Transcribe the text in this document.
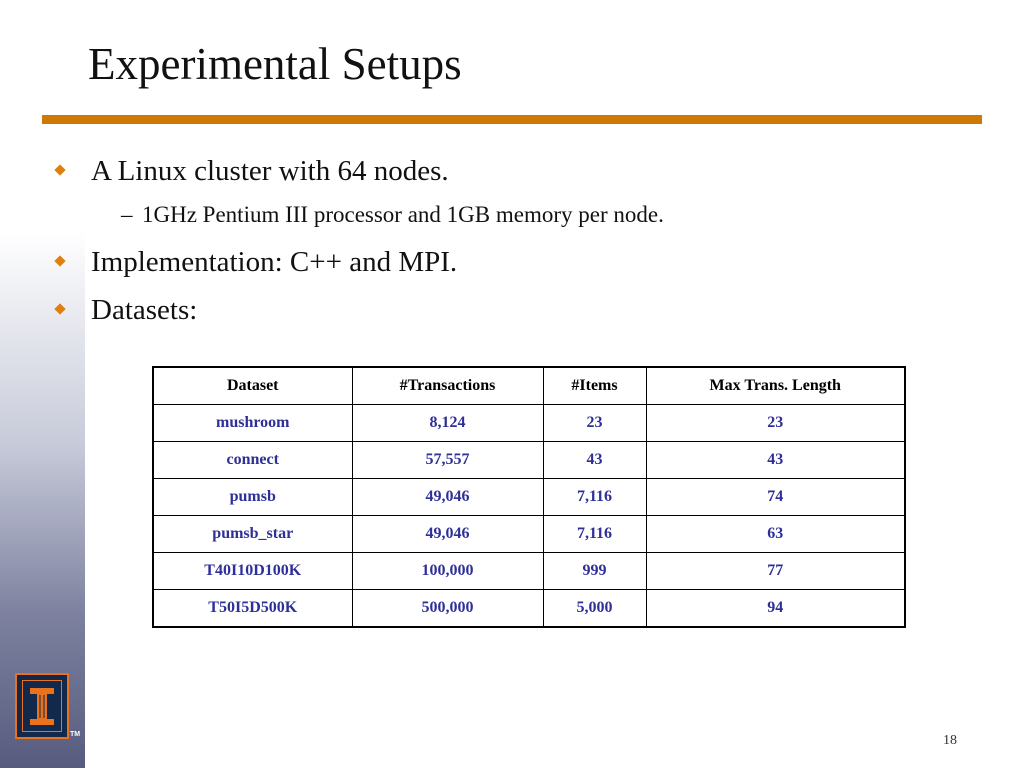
Experimental Setups
A Linux cluster with 64 nodes.
– 1GHz Pentium III processor and 1GB memory per node.
Implementation: C++ and MPI.
Datasets:
Dataset	#Transactions	#Items	Max Trans. Length
mushroom	8,124	23	23
connect	57,557	43	43
pumsb	49,046	7,116	74
pumsb_star	49,046	7,116	63
T40I10D100K	100,000	999	77
T50I5D500K	500,000	5,000	94
TM	18
